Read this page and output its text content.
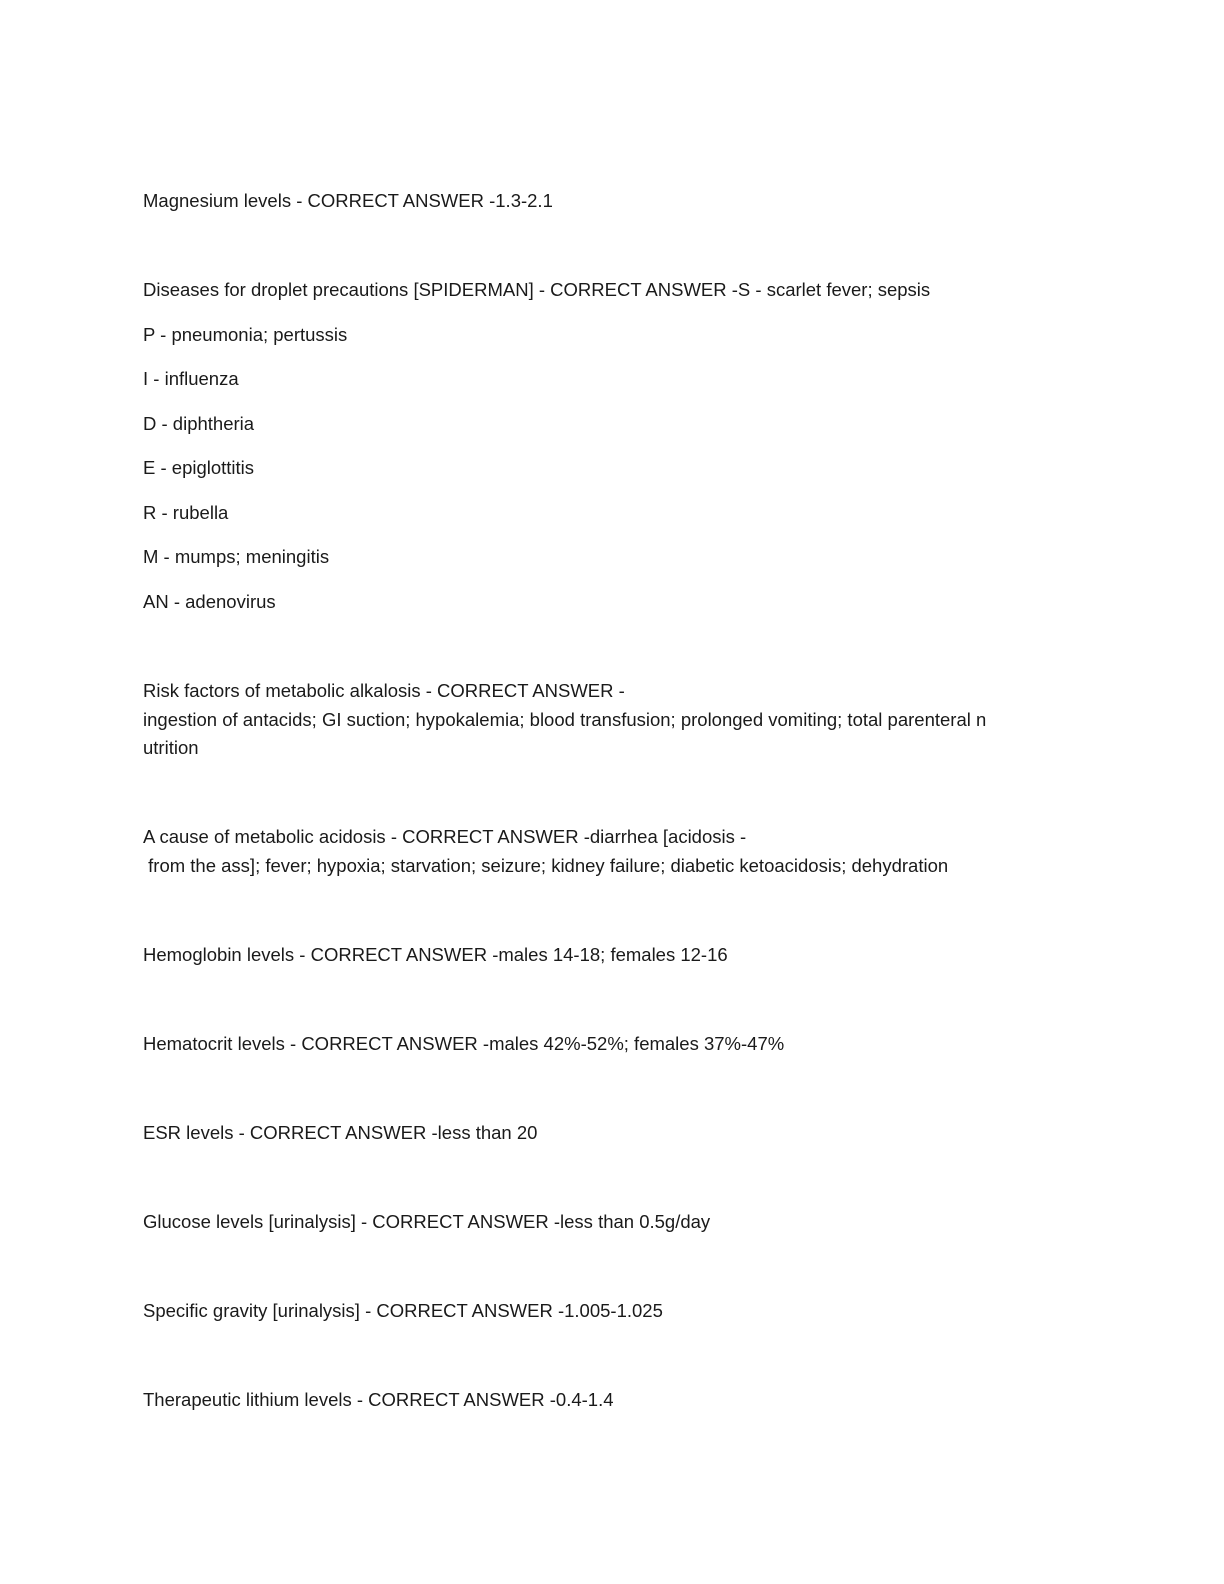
Magnesium levels - CORRECT ANSWER -1.3-2.1
Diseases for droplet precautions [SPIDERMAN] - CORRECT ANSWER -S - scarlet fever; sepsis
P - pneumonia; pertussis
I - influenza
D - diphtheria
E - epiglottitis
R - rubella
M - mumps; meningitis
AN - adenovirus
Risk factors of metabolic alkalosis - CORRECT ANSWER -
ingestion of antacids; GI suction; hypokalemia; blood transfusion; prolonged vomiting; total parenteral n
utrition
A cause of metabolic acidosis - CORRECT ANSWER -diarrhea [acidosis -
from the ass]; fever; hypoxia; starvation; seizure; kidney failure; diabetic ketoacidosis; dehydration
Hemoglobin levels - CORRECT ANSWER -males 14-18; females 12-16
Hematocrit levels - CORRECT ANSWER -males 42%-52%; females 37%-47%
ESR levels - CORRECT ANSWER -less than 20
Glucose levels [urinalysis] - CORRECT ANSWER -less than 0.5g/day
Specific gravity [urinalysis] - CORRECT ANSWER -1.005-1.025
Therapeutic lithium levels - CORRECT ANSWER -0.4-1.4
